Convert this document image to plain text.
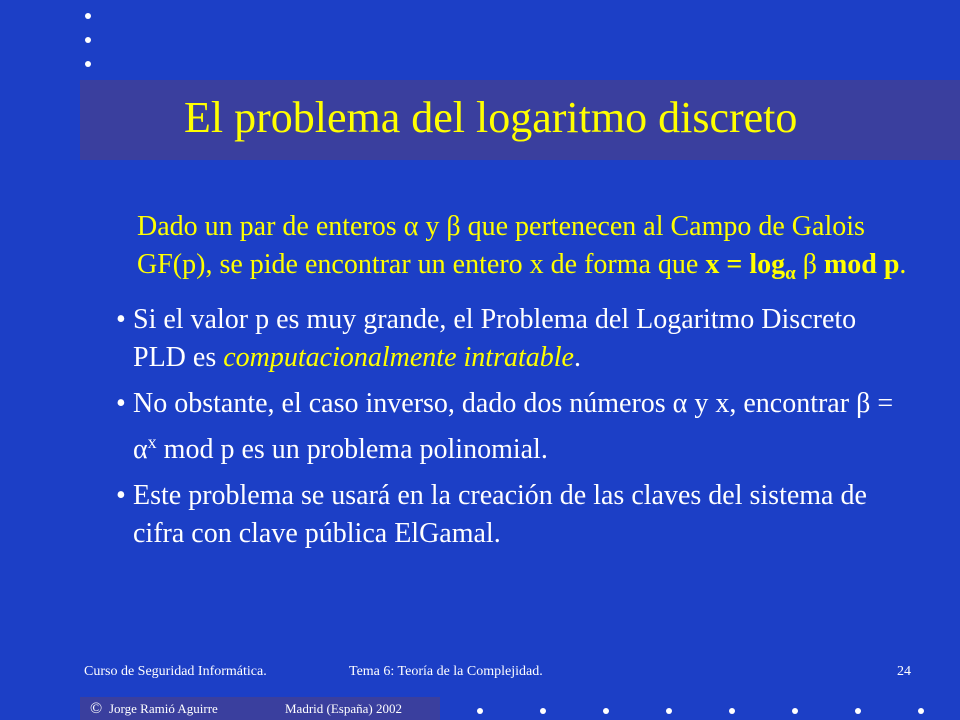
El problema del logaritmo discreto
Dado un par de enteros α y β que pertenecen al Campo de Galois GF(p), se pide encontrar un entero x de forma que $x = \log_\alpha \beta$ mod p.
• Si el valor p es muy grande, el Problema del Logaritmo Discreto PLD es computacionalmente intratable.
• No obstante, el caso inverso, dado dos números α y x, encontrar $\beta = \alpha^x$ mod p es un problema polinomial.
• Este problema se usará en la creación de las claves del sistema de cifra con clave pública ElGamal.
Curso de Seguridad Informática.	Tema 6: Teoría de la Complejidad.	24
© Jorge Ramió Aguirre	Madrid (España) 2002
